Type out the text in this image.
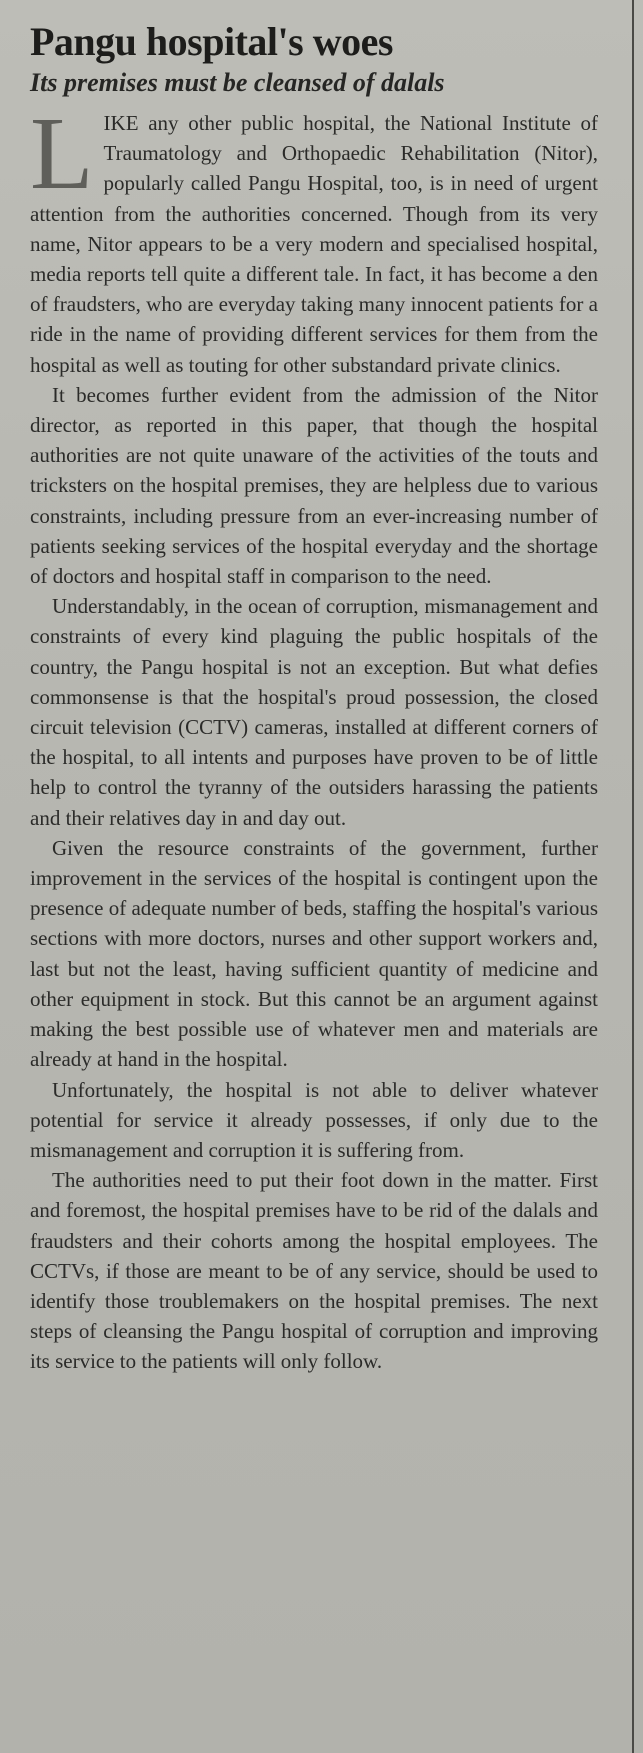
Pangu hospital's woes
Its premises must be cleansed of dalals

LIKE any other public hospital, the National Institute of Traumatology and Orthopaedic Rehabilitation (Nitor), popularly called Pangu Hospital, too, is in need of urgent attention from the authorities concerned. Though from its very name, Nitor appears to be a very modern and specialised hospital, media reports tell quite a different tale. In fact, it has become a den of fraudsters, who are everyday taking many innocent patients for a ride in the name of providing different services for them from the hospital as well as touting for other substandard private clinics.

It becomes further evident from the admission of the Nitor director, as reported in this paper, that though the hospital authorities are not quite unaware of the activities of the touts and tricksters on the hospital premises, they are helpless due to various constraints, including pressure from an ever-increasing number of patients seeking services of the hospital everyday and the shortage of doctors and hospital staff in comparison to the need.

Understandably, in the ocean of corruption, mismanagement and constraints of every kind plaguing the public hospitals of the country, the Pangu hospital is not an exception. But what defies commonsense is that the hospital's proud possession, the closed circuit television (CCTV) cameras, installed at different corners of the hospital, to all intents and purposes have proven to be of little help to control the tyranny of the outsiders harassing the patients and their relatives day in and day out.

Given the resource constraints of the government, further improvement in the services of the hospital is contingent upon the presence of adequate number of beds, staffing the hospital's various sections with more doctors, nurses and other support workers and, last but not the least, having sufficient quantity of medicine and other equipment in stock. But this cannot be an argument against making the best possible use of whatever men and materials are already at hand in the hospital.

Unfortunately, the hospital is not able to deliver whatever potential for service it already possesses, if only due to the mismanagement and corruption it is suffering from.

The authorities need to put their foot down in the matter. First and foremost, the hospital premises have to be rid of the dalals and fraudsters and their cohorts among the hospital employees. The CCTVs, if those are meant to be of any service, should be used to identify those troublemakers on the hospital premises. The next steps of cleansing the Pangu hospital of corruption and improving its service to the patients will only follow.
